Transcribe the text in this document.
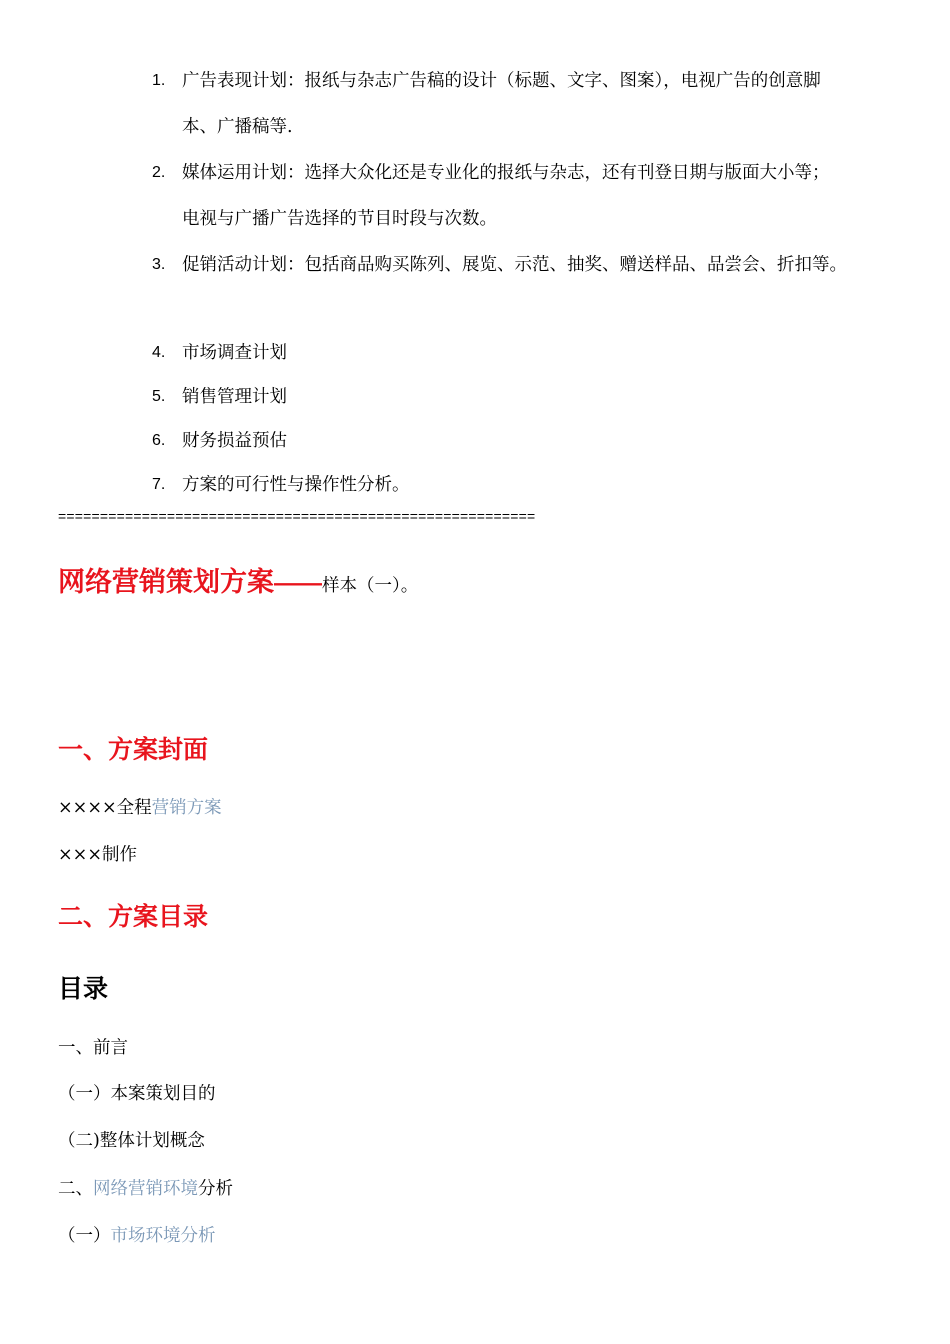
1. 广告表现计划：报纸与杂志广告稿的设计（标题、文字、图案），电视广告的创意脚
本、广播稿等.
2. 媒体运用计划：选择大众化还是专业化的报纸与杂志，还有刊登日期与版面大小等；
电视与广播广告选择的节目时段与次数。
3. 促销活动计划：包括商品购买陈列、展览、示范、抽奖、赠送样品、品尝会、折扣等。
4. 市场调查计划
5. 销售管理计划
6. 财务损益预估
7. 方案的可行性与操作性分析。
=========================================================
网络营销策划方案——样本（一）。
一、方案封面
××××全程营销方案
×××制作
二、方案目录
目录
一、前言
（一）本案策划目的
（二)整体计划概念
二、网络营销环境分析
（一）市场环境分析
